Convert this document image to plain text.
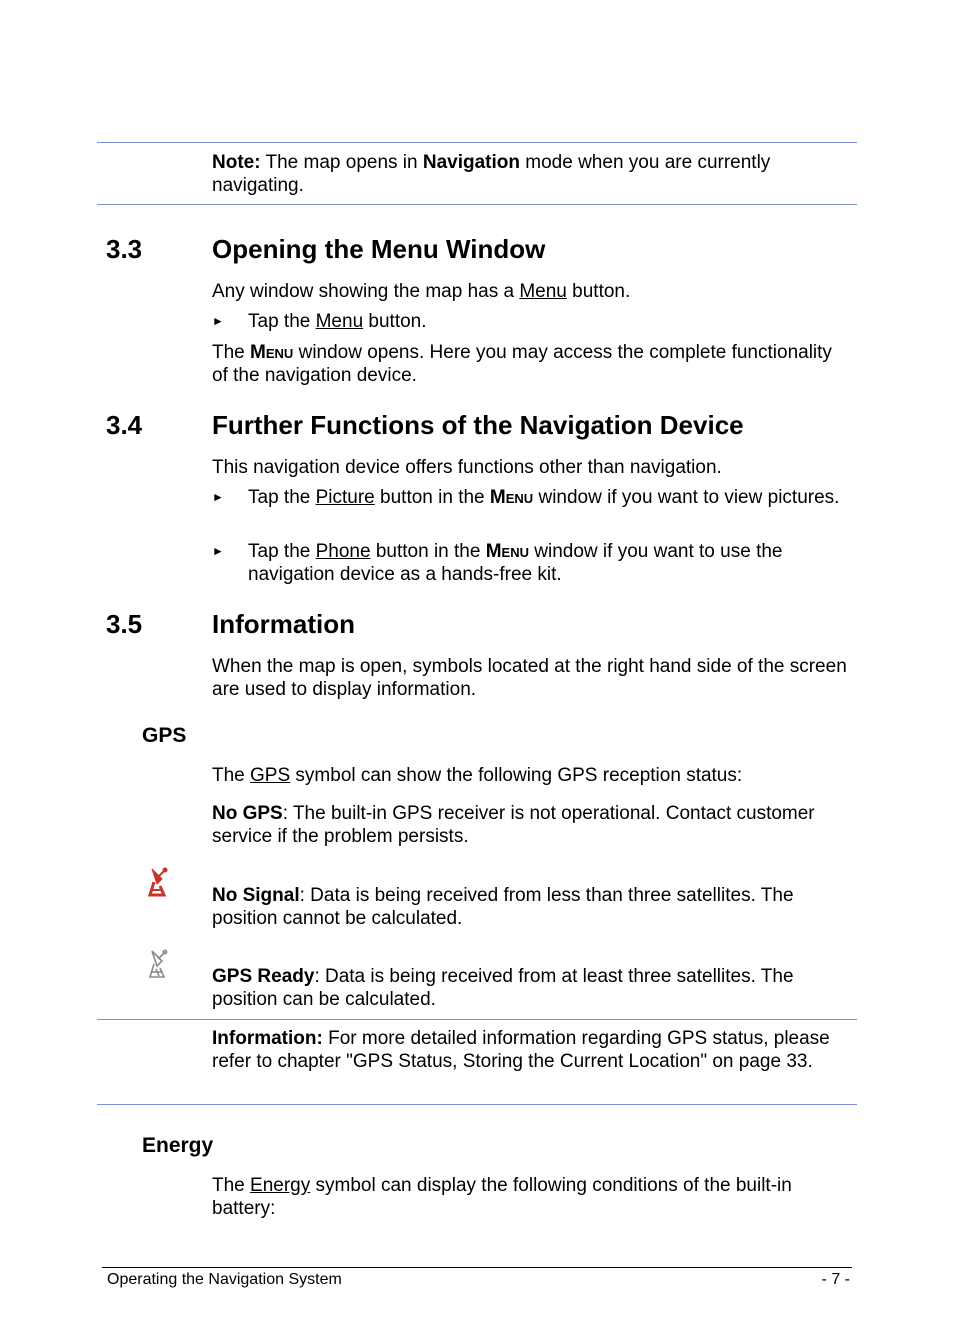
Note: The map opens in Navigation mode when you are currently navigating.
3.3	Opening the Menu Window
Any window showing the map has a Menu button.
► Tap the Menu button.
The Menu window opens. Here you may access the complete functionality of the navigation device.
3.4	Further Functions of the Navigation Device
This navigation device offers functions other than navigation.
► Tap the Picture button in the Menu window if you want to view pictures.
► Tap the Phone button in the Menu window if you want to use the navigation device as a hands-free kit.
3.5	Information
When the map is open, symbols located at the right hand side of the screen are used to display information.
GPS
The GPS symbol can show the following GPS reception status:
No GPS: The built-in GPS receiver is not operational. Contact customer service if the problem persists.
No Signal: Data is being received from less than three satellites. The position cannot be calculated.
GPS Ready: Data is being received from at least three satellites. The position can be calculated.
Information: For more detailed information regarding GPS status, please refer to chapter "GPS Status, Storing the Current Location" on page 33.
Energy
The Energy symbol can display the following conditions of the built-in battery:
Operating the Navigation System	- 7 -
